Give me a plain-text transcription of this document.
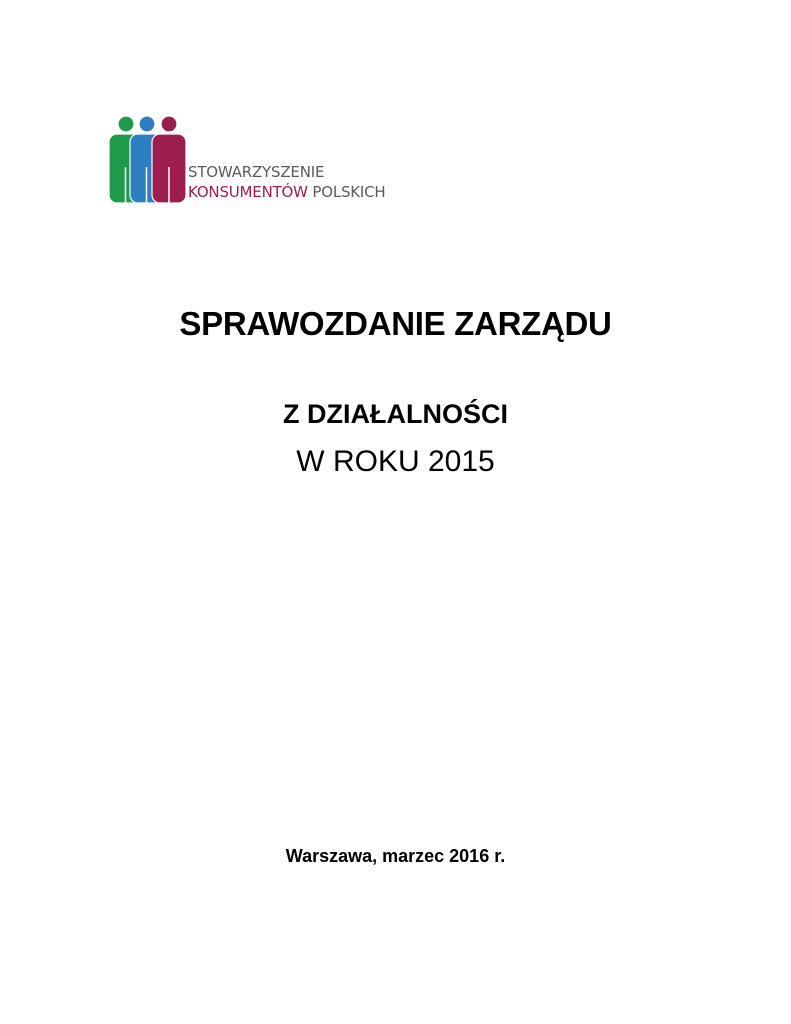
STOWARZYSZENIE
KONSUMENTÓW POLSKICH
SPRAWOZDANIE ZARZĄDU
Z DZIAŁALNOŚCI
W ROKU 2015
Warszawa, marzec 2016 r.
